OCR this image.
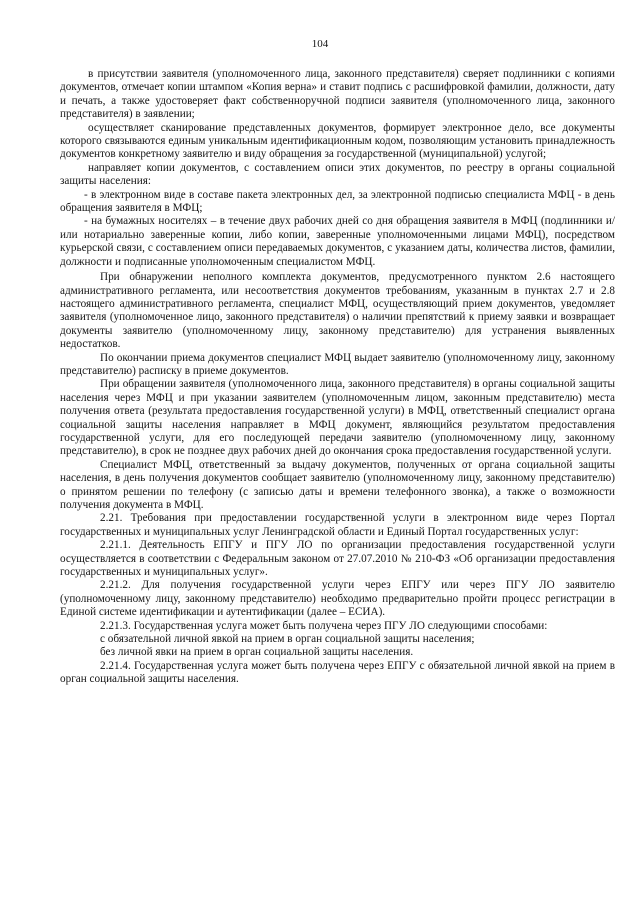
104

в присутствии заявителя (уполномоченного лица, законного представителя) сверяет подлинники с копиями документов, отмечает копии штампом «Копия верна» и ставит подпись с расшифровкой фамилии, должности, дату и печать, а также удостоверяет факт собственноручной подписи заявителя (уполномоченного лица, законного представителя) в заявлении;

осуществляет сканирование представленных документов, формирует электронное дело, все документы которого связываются единым уникальным идентификационным кодом, позволяющим установить принадлежность документов конкретному заявителю и виду обращения за государственной (муниципальной) услугой;

направляет копии документов, с составлением описи этих документов, по реестру в органы социальной защиты населения:

- в электронном виде в составе пакета электронных дел, за электронной подписью специалиста МФЦ - в день обращения заявителя в МФЦ;

- на бумажных носителях – в течение двух рабочих дней со дня обращения заявителя в МФЦ (подлинники и/или нотариально заверенные копии, либо копии, заверенные уполномоченными лицами МФЦ), посредством курьерской связи, с составлением описи передаваемых документов, с указанием даты, количества листов, фамилии, должности и подписанные уполномоченным специалистом МФЦ.

При обнаружении неполного комплекта документов, предусмотренного пунктом 2.6 настоящего административного регламента, или несоответствия документов требованиям, указанным в пунктах 2.7 и 2.8 настоящего административного регламента, специалист МФЦ, осуществляющий прием документов, уведомляет заявителя (уполномоченное лицо, законного представителя) о наличии препятствий к приему заявки и возвращает документы заявителю (уполномоченному лицу, законному представителю) для устранения выявленных недостатков.

По окончании приема документов специалист МФЦ выдает заявителю (уполномоченному лицу, законному представителю) расписку в приеме документов.

При обращении заявителя (уполномоченного лица, законного представителя) в органы социальной защиты населения через МФЦ и при указании заявителем (уполномоченным лицом, законным представителю) места получения ответа (результата предоставления государственной услуги) в МФЦ, ответственный специалист органа социальной защиты населения направляет в МФЦ документ, являющийся результатом предоставления государственной услуги, для его последующей передачи заявителю (уполномоченному лицу, законному представителю), в срок не позднее двух рабочих дней до окончания срока предоставления государственной услуги.

Специалист МФЦ, ответственный за выдачу документов, полученных от органа социальной защиты населения, в день получения документов сообщает заявителю (уполномоченному лицу, законному представителю) о принятом решении по телефону (с записью даты и времени телефонного звонка), а также о возможности получения документа в МФЦ.

2.21. Требования при предоставлении государственной услуги в электронном виде через Портал государственных и муниципальных услуг Ленинградской области и Единый Портал государственных услуг:

2.21.1. Деятельность ЕПГУ и ПГУ ЛО по организации предоставления государственной услуги осуществляется в соответствии с Федеральным законом от 27.07.2010 № 210-ФЗ «Об организации предоставления государственных и муниципальных услуг».

2.21.2. Для получения государственной услуги через ЕПГУ или через ПГУ ЛО заявителю (уполномоченному лицу, законному представителю) необходимо предварительно пройти процесс регистрации в Единой системе идентификации и аутентификации (далее – ЕСИА).

2.21.3. Государственная услуга может быть получена через ПГУ ЛО следующими способами:

с обязательной личной явкой на прием в орган социальной защиты населения;

без личной явки на прием в орган социальной защиты населения.

2.21.4. Государственная услуга может быть получена через ЕПГУ с обязательной личной явкой на прием в орган социальной защиты населения.
